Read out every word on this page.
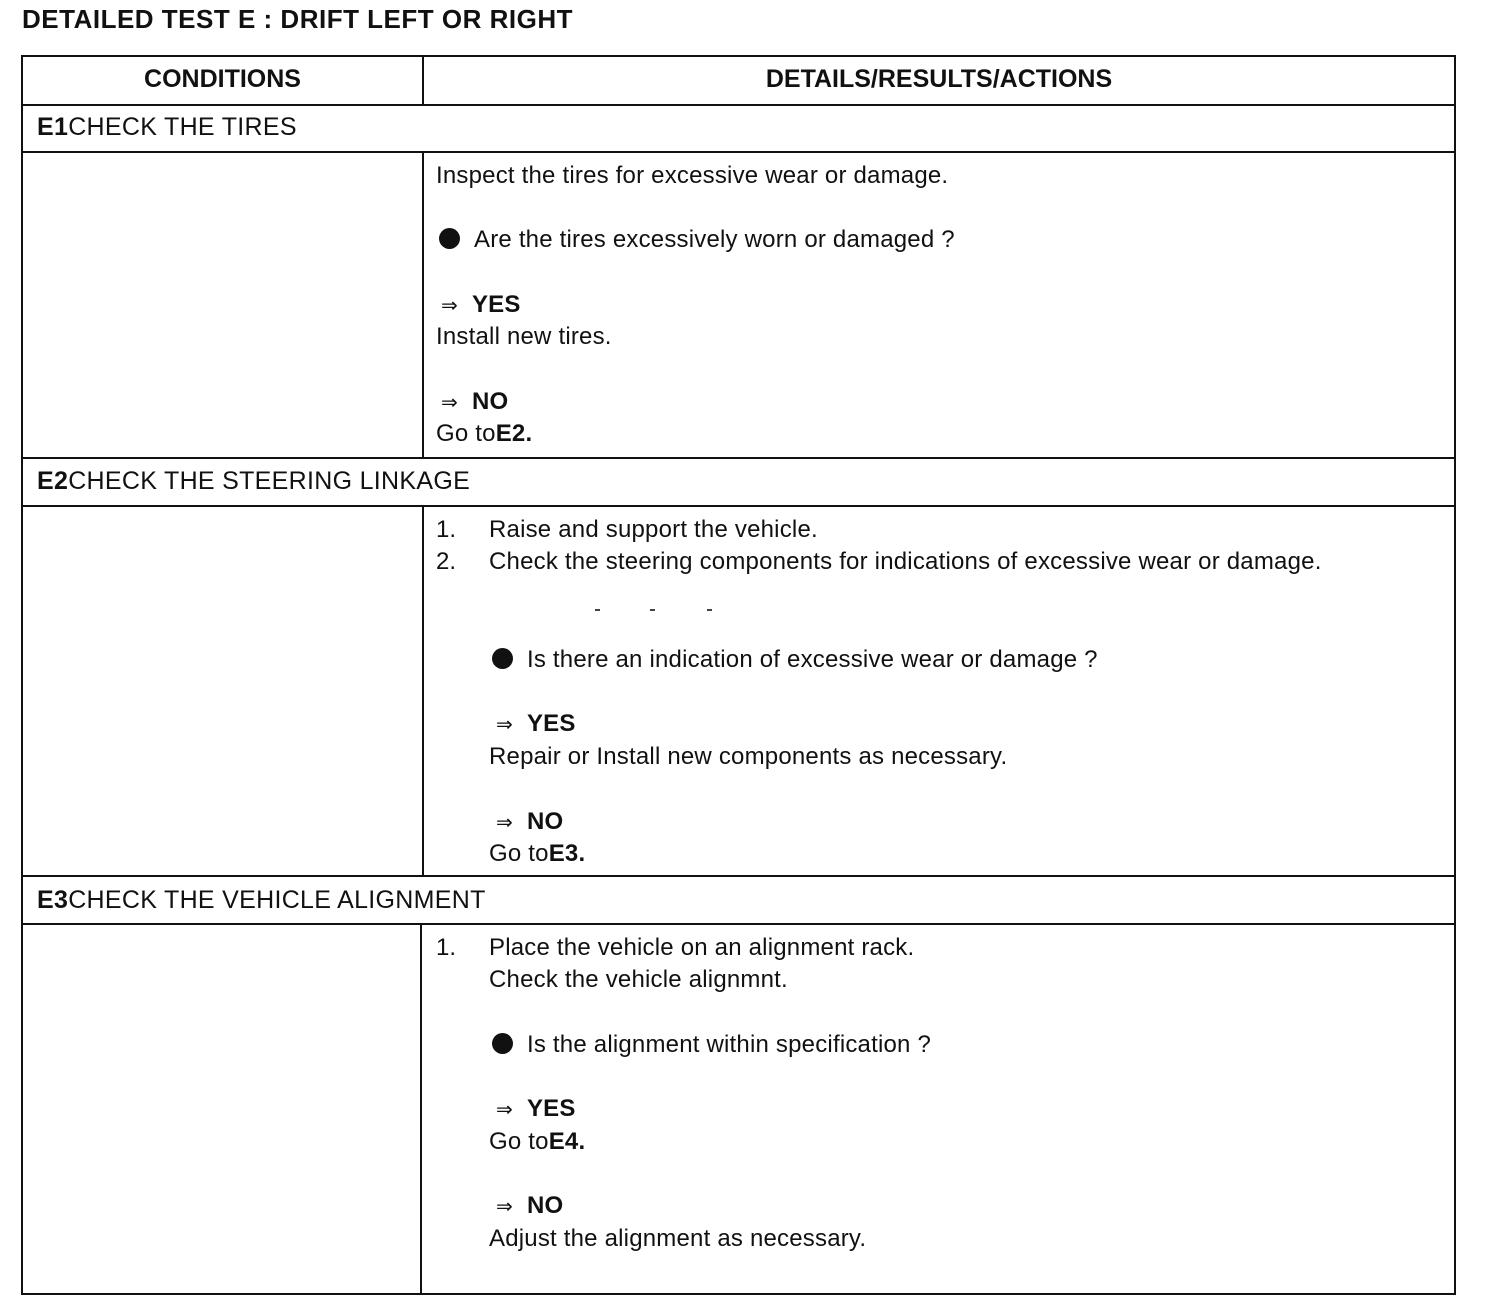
DETAILED TEST E : DRIFT LEFT OR RIGHT
CONDITIONS	DETAILS/RESULTS/ACTIONS
E1CHECK THE TIRES
Inspect the tires for excessive wear or damage.
Are the tires excessively worn or damaged ?
⇒ YES
Install new tires.
⇒ NO
Go toE2.
E2CHECK THE STEERING LINKAGE
1. Raise and support the vehicle.
2. Check the steering components for indications of excessive wear or damage.
Is there an indication of excessive wear or damage ?
⇒ YES
Repair or Install new components as necessary.
⇒ NO
Go toE3.
E3CHECK THE VEHICLE ALIGNMENT
1. Place the vehicle on an alignment rack.
Check the vehicle alignmnt.
Is the alignment within specification ?
⇒ YES
Go toE4.
⇒ NO
Adjust the alignment as necessary.
